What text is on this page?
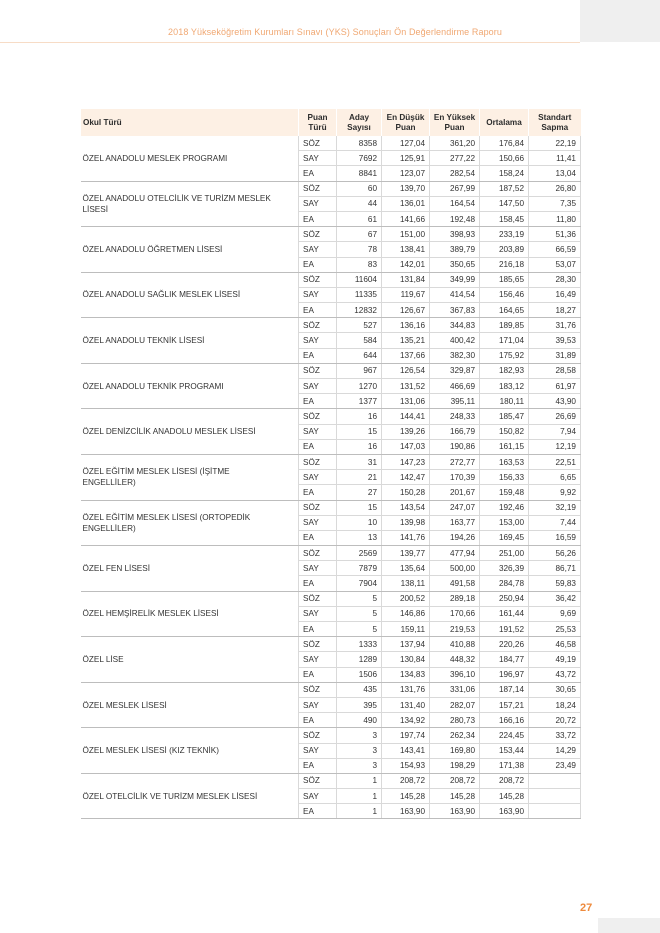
2018 Yükseköğretim Kurumları Sınavı (YKS) Sonuçları Ön Değerlendirme Raporu
Okul Türü	Puan Türü	Aday Sayısı	En Düşük Puan	En Yüksek Puan	Ortalama	Standart Sapma
ÖZEL ANADOLU MESLEK PROGRAMI	SÖZ	8358	127,04	361,20	176,84	22,19
	SAY	7692	125,91	277,22	150,66	11,41
	EA	8841	123,07	282,54	158,24	13,04
ÖZEL ANADOLU OTELCİLİK VE TURİZM MESLEK LİSESİ	SÖZ	60	139,70	267,99	187,52	26,80
	SAY	44	136,01	164,54	147,50	7,35
	EA	61	141,66	192,48	158,45	11,80
ÖZEL ANADOLU ÖĞRETMEN LİSESİ	SÖZ	67	151,00	398,93	233,19	51,36
	SAY	78	138,41	389,79	203,89	66,59
	EA	83	142,01	350,65	216,18	53,07
ÖZEL ANADOLU SAĞLIK MESLEK LİSESİ	SÖZ	11604	131,84	349,99	185,65	28,30
	SAY	11335	119,67	414,54	156,46	16,49
	EA	12832	126,67	367,83	164,65	18,27
ÖZEL ANADOLU TEKNİK LİSESİ	SÖZ	527	136,16	344,83	189,85	31,76
	SAY	584	135,21	400,42	171,04	39,53
	EA	644	137,66	382,30	175,92	31,89
ÖZEL ANADOLU TEKNİK PROGRAMI	SÖZ	967	126,54	329,87	182,93	28,58
	SAY	1270	131,52	466,69	183,12	61,97
	EA	1377	131,06	395,11	180,11	43,90
ÖZEL DENİZCİLİK ANADOLU MESLEK LİSESİ	SÖZ	16	144,41	248,33	185,47	26,69
	SAY	15	139,26	166,79	150,82	7,94
	EA	16	147,03	190,86	161,15	12,19
ÖZEL EĞİTİM MESLEK LİSESİ (İŞİTME ENGELLİLER)	SÖZ	31	147,23	272,77	163,53	22,51
	SAY	21	142,47	170,39	156,33	6,65
	EA	27	150,28	201,67	159,48	9,92
ÖZEL EĞİTİM MESLEK LİSESİ (ORTOPEDİK ENGELLİLER)	SÖZ	15	143,54	247,07	192,46	32,19
	SAY	10	139,98	163,77	153,00	7,44
	EA	13	141,76	194,26	169,45	16,59
ÖZEL FEN LİSESİ	SÖZ	2569	139,77	477,94	251,00	56,26
	SAY	7879	135,64	500,00	326,39	86,71
	EA	7904	138,11	491,58	284,78	59,83
ÖZEL HEMŞİRELİK MESLEK LİSESİ	SÖZ	5	200,52	289,18	250,94	36,42
	SAY	5	146,86	170,66	161,44	9,69
	EA	5	159,11	219,53	191,52	25,53
ÖZEL LİSE	SÖZ	1333	137,94	410,88	220,26	46,58
	SAY	1289	130,84	448,32	184,77	49,19
	EA	1506	134,83	396,10	196,97	43,72
ÖZEL MESLEK LİSESİ	SÖZ	435	131,76	331,06	187,14	30,65
	SAY	395	131,40	282,07	157,21	18,24
	EA	490	134,92	280,73	166,16	20,72
ÖZEL MESLEK LİSESİ (KIZ TEKNİK)	SÖZ	3	197,74	262,34	224,45	33,72
	SAY	3	143,41	169,80	153,44	14,29
	EA	3	154,93	198,29	171,38	23,49
ÖZEL OTELCİLİK VE TURİZM MESLEK LİSESİ	SÖZ	1	208,72	208,72	208,72	
	SAY	1	145,28	145,28	145,28	
	EA	1	163,90	163,90	163,90	
27
